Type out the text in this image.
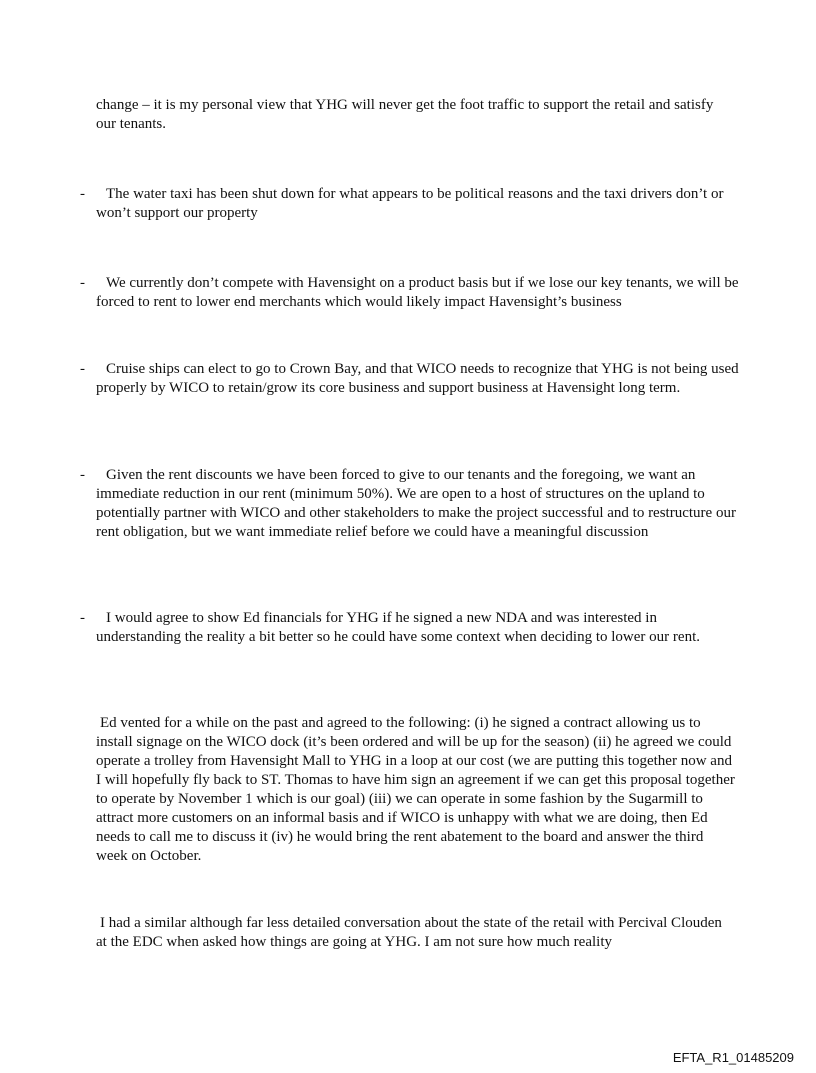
change – it is my personal view that YHG will never get the foot traffic to support the retail and satisfy our tenants.

-	The water taxi has been shut down for what appears to be political reasons and the taxi drivers don’t or won’t support our property
-	We currently don’t compete with Havensight on a product basis but if we lose our key tenants, we will be forced to rent to lower end merchants which would likely impact Havensight’s business
-	Cruise ships can elect to go to Crown Bay, and that WICO needs to recognize that YHG is not being used properly by WICO to retain/grow its core business and support business at Havensight long term.
-	Given the rent discounts we have been forced to give to our tenants and the foregoing, we want an immediate reduction in our rent (minimum 50%). We are open to a host of structures on the upland to potentially partner with WICO and other stakeholders to make the project successful and to restructure our rent obligation, but we want immediate relief before we could have a meaningful discussion
-	I would agree to show Ed financials for YHG if he signed a new NDA and was interested in understanding the reality a bit better so he could have some context when deciding to lower our rent.

Ed vented for a while on the past and agreed to the following: (i) he signed a contract allowing us to install signage on the WICO dock (it’s been ordered and will be up for the season) (ii) he agreed we could operate a trolley from Havensight Mall to YHG in a loop at our cost (we are putting this together now and I will hopefully fly back to ST. Thomas to have him sign an agreement if we can get this proposal together to operate by November 1 which is our goal) (iii) we can operate in some fashion by the Sugarmill to attract more customers on an informal basis and if WICO is unhappy with what we are doing, then Ed needs to call me to discuss it (iv) he would bring the rent abatement to the board and answer the third week on October.

I had a similar although far less detailed conversation about the state of the retail with Percival Clouden at the EDC when asked how things are going at YHG. I am not sure how much reality

EFTA_R1_01485209
